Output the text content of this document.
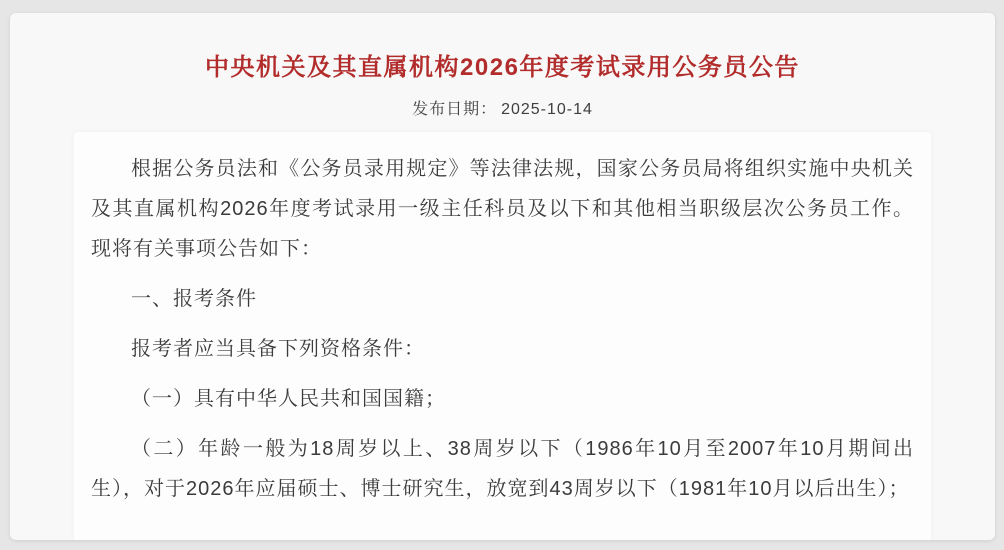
中央机关及其直属机构2026年度考试录用公务员公告
发布日期： 2025-10-14

根据公务员法和《公务员录用规定》等法律法规，国家公务员局将组织实施中央机关及其直属机构2026年度考试录用一级主任科员及以下和其他相当职级层次公务员工作。现将有关事项公告如下：

一、报考条件

报考者应当具备下列资格条件：

（一）具有中华人民共和国国籍；

（二）年龄一般为18周岁以上、38周岁以下（1986年10月至2007年10月期间出生），对于2026年应届硕士、博士研究生，放宽到43周岁以下（1981年10月以后出生）；
